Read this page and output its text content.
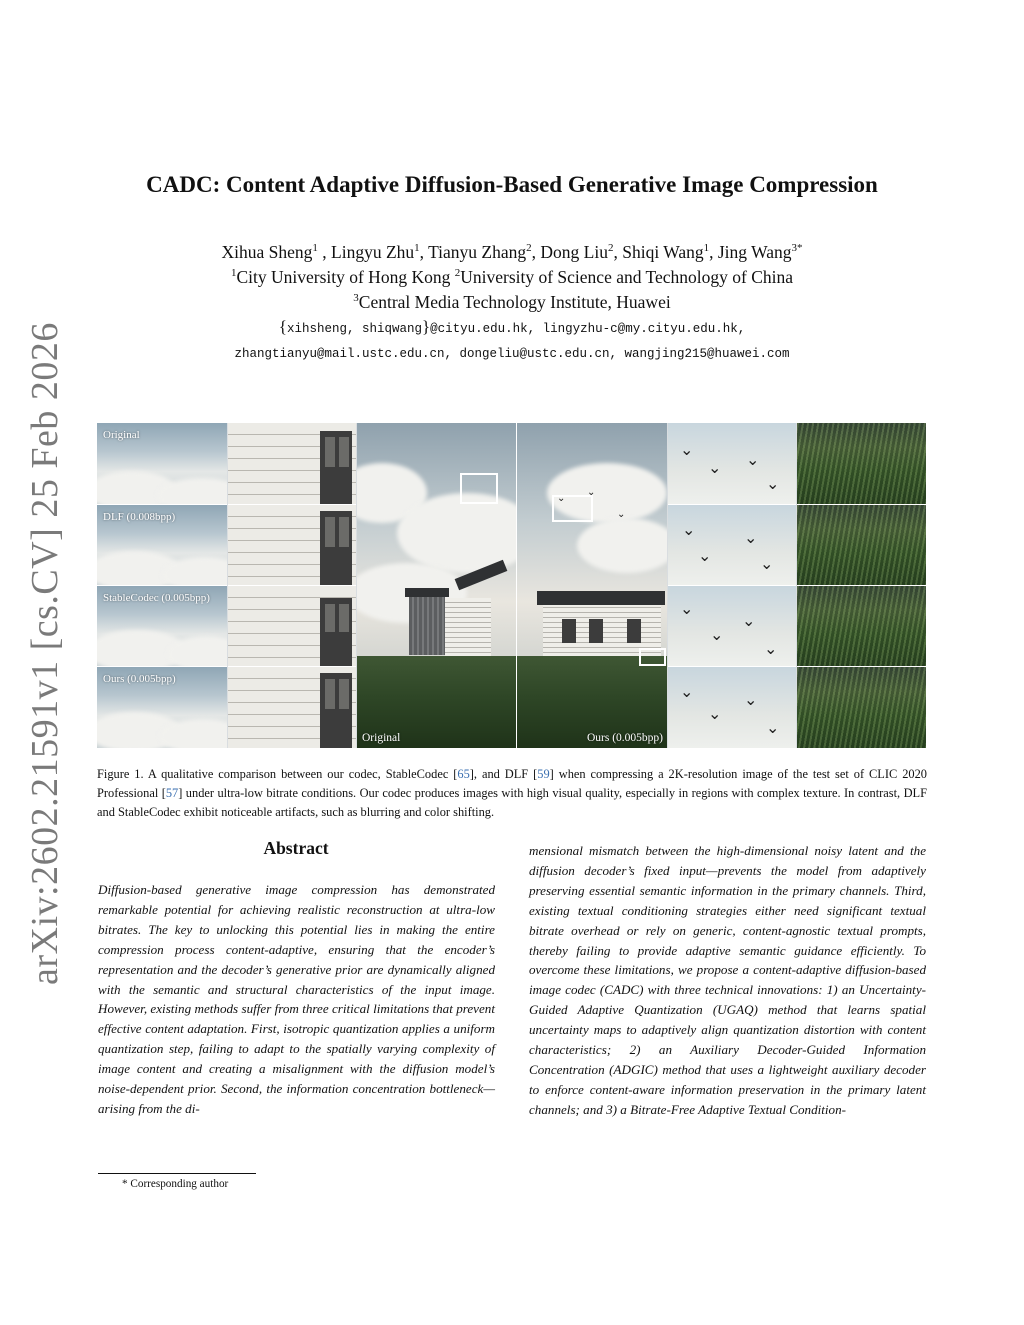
arXiv:2602.21591v1 [cs.CV] 25 Feb 2026
CADC: Content Adaptive Diffusion-Based Generative Image Compression
Xihua Sheng$^1$ , Lingyu Zhu$^1$, Tianyu Zhang$^2$, Dong Liu$^2$, Shiqi Wang$^1$, Jing Wang$^{3*}$
$^1$City University of Hong Kong $^2$University of Science and Technology of China
$^3$Central Media Technology Institute, Huawei
{xihsheng, shiqwang}@cityu.edu.hk, lingyzhu-c@my.cityu.edu.hk,
zhangtianyu@mail.ustc.edu.cn, dongeliu@ustc.edu.cn, wangjing215@huawei.com
Original
DLF (0.008bpp)
StableCodec (0.005bpp)
Ours (0.005bpp)
Original
⌄
⌄
⌄
Ours (0.005bpp)
⌄
⌄ ⌄
⌄
⌄
⌄
⌄
⌄
⌄
⌄
⌄
⌄
⌄
⌄
⌄
⌄
Figure 1. A qualitative comparison between our codec, StableCodec [65], and DLF [59] when compressing a 2K-resolution image of the test set of CLIC 2020 Professional [57] under ultra-low bitrate conditions. Our codec produces images with high visual quality, especially in regions with complex texture. In contrast, DLF and StableCodec exhibit noticeable artifacts, such as blurring and color shifting.
Abstract
Diffusion-based generative image compression has demonstrated remarkable potential for achieving realistic reconstruction at ultra-low bitrates. The key to unlocking this potential lies in making the entire compression process content-adaptive, ensuring that the encoder’s representation and the decoder’s generative prior are dynamically aligned with the semantic and structural characteristics of the input image. However, existing methods suffer from three critical limitations that prevent effective content adaptation. First, isotropic quantization applies a uniform quantization step, failing to adapt to the spatially varying complexity of image content and creating a misalignment with the diffusion model’s noise-dependent prior. Second, the information concentration bottleneck—arising from the di-
mensional mismatch between the high-dimensional noisy latent and the diffusion decoder’s fixed input—prevents the model from adaptively preserving essential semantic information in the primary channels. Third, existing textual conditioning strategies either need significant textual bitrate overhead or rely on generic, content-agnostic textual prompts, thereby failing to provide adaptive semantic guidance efficiently. To overcome these limitations, we propose a content-adaptive diffusion-based image codec (CADC) with three technical innovations: 1) an Uncertainty-Guided Adaptive Quantization (UGAQ) method that learns spatial uncertainty maps to adaptively align quantization distortion with content characteristics; 2) an Auxiliary Decoder-Guided Information Concentration (ADGIC) method that uses a lightweight auxiliary decoder to enforce content-aware information preservation in the primary latent channels; and 3) a Bitrate-Free Adaptive Textual Condition-
* Corresponding author
